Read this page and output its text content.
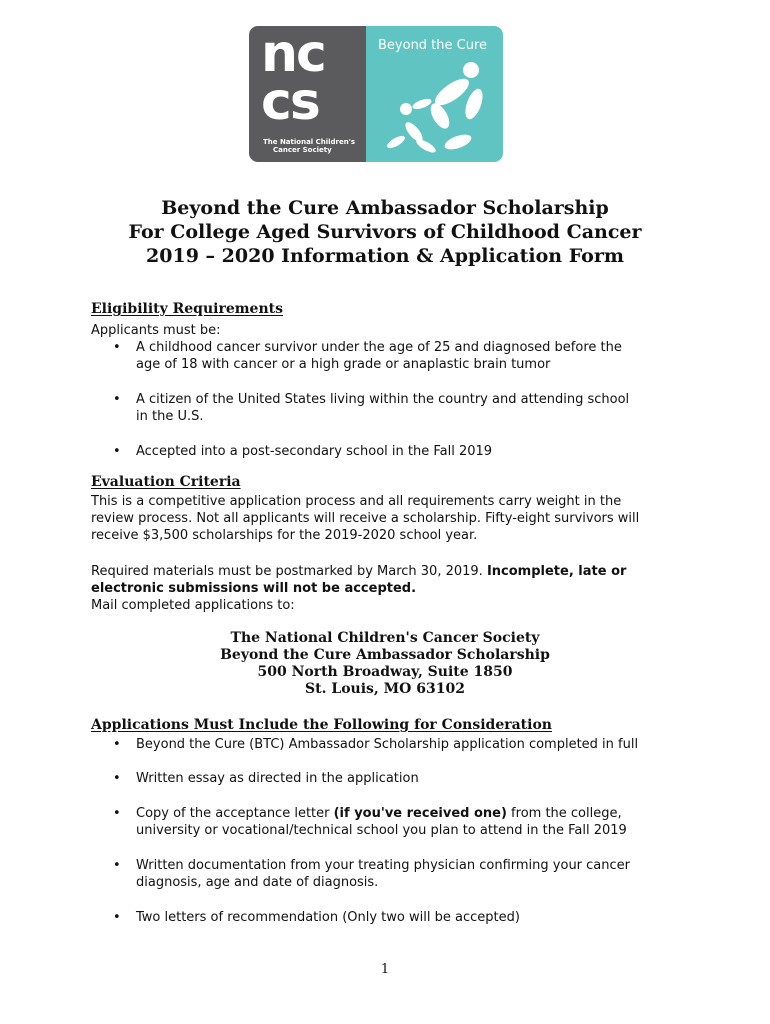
nc
cs
The National Children's
Cancer Society
Beyond the Cure
Beyond the Cure Ambassador Scholarship
For College Aged Survivors of Childhood Cancer
2019 – 2020 Information & Application Form
Eligibility Requirements
Applicants must be:
• A childhood cancer survivor under the age of 25 and diagnosed before the
age of 18 with cancer or a high grade or anaplastic brain tumor
• A citizen of the United States living within the country and attending school
in the U.S.
• Accepted into a post-secondary school in the Fall 2019
Evaluation Criteria
This is a competitive application process and all requirements carry weight in the
review process. Not all applicants will receive a scholarship. Fifty-eight survivors will
receive $3,500 scholarships for the 2019-2020 school year.
Required materials must be postmarked by March 30, 2019. Incomplete, late or
electronic submissions will not be accepted.
Mail completed applications to:
The National Children's Cancer Society
Beyond the Cure Ambassador Scholarship
500 North Broadway, Suite 1850
St. Louis, MO 63102
Applications Must Include the Following for Consideration
• Beyond the Cure (BTC) Ambassador Scholarship application completed in full
• Written essay as directed in the application
• Copy of the acceptance letter (if you've received one) from the college,
university or vocational/technical school you plan to attend in the Fall 2019
• Written documentation from your treating physician confirming your cancer
diagnosis, age and date of diagnosis.
• Two letters of recommendation (Only two will be accepted)
1
